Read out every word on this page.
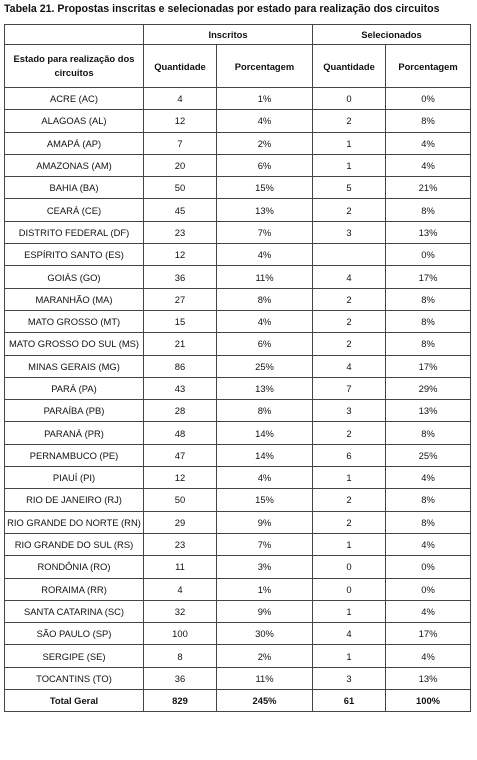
Tabela 21. Propostas inscritas e selecionadas por estado para realização dos circuitos
	Inscritos		Selecionados	
Estado para realização dos circuitos	Quantidade	Porcentagem	Quantidade	Porcentagem
ACRE (AC)	4	1%	0	0%
ALAGOAS (AL)	12	4%	2	8%
AMAPÁ (AP)	7	2%	1	4%
AMAZONAS (AM)	20	6%	1	4%
BAHIA (BA)	50	15%	5	21%
CEARÁ (CE)	45	13%	2	8%
DISTRITO FEDERAL (DF)	23	7%	3	13%
ESPÍRITO SANTO (ES)	12	4%		0%
GOIÁS (GO)	36	11%	4	17%
MARANHÃO (MA)	27	8%	2	8%
MATO GROSSO (MT)	15	4%	2	8%
MATO GROSSO DO SUL (MS)	21	6%	2	8%
MINAS GERAIS (MG)	86	25%	4	17%
PARÁ (PA)	43	13%	7	29%
PARAÍBA (PB)	28	8%	3	13%
PARANÁ (PR)	48	14%	2	8%
PERNAMBUCO (PE)	47	14%	6	25%
PIAUÍ (PI)	12	4%	1	4%
RIO DE JANEIRO (RJ)	50	15%	2	8%
RIO GRANDE DO NORTE (RN)	29	9%	2	8%
RIO GRANDE DO SUL (RS)	23	7%	1	4%
RONDÔNIA (RO)	11	3%	0	0%
RORAIMA (RR)	4	1%	0	0%
SANTA CATARINA (SC)	32	9%	1	4%
SÃO PAULO (SP)	100	30%	4	17%
SERGIPE (SE)	8	2%	1	4%
TOCANTINS (TO)	36	11%	3	13%
Total Geral	829	245%	61	100%
